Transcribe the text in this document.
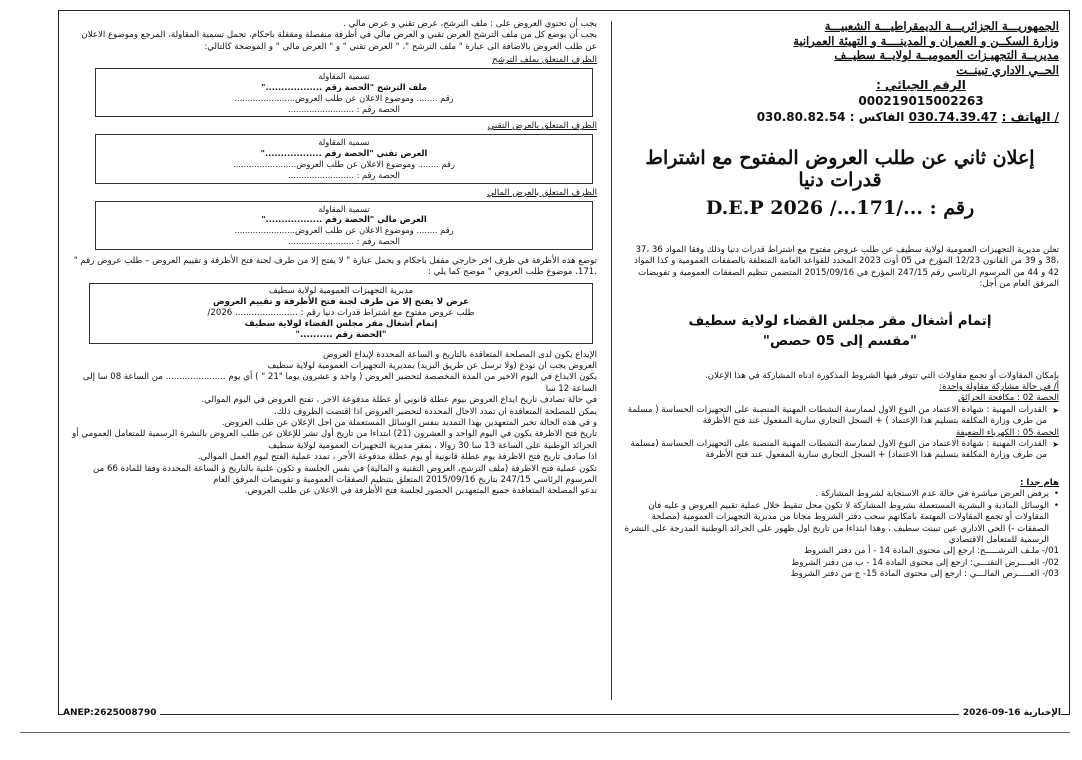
الجمهوريـــة الجزائريـــة الديمقراطيـــة الشعبيـــة
وزارة السكــن و العمران و المدينــــة و التهيئة العمرانية
مديريــة التجهيـزات العموميــة لولايــة سطيــف
الحــي الاداري تبينــت
الرقم الجبائي :
000219015002263
/ الهاتف : 030.74.39.47 الفاكس : 030.80.82.54
إعلان ثاني عن طلب العروض المفتوح مع اشتراط قدرات دنيا
رقم : .../171.../ D.E.P 2026

تعلن مديرية التجهيزات العمومية لولاية سطيف عن طلب عروض مفتوح مع اشتراط قدرات دنيا وذلك وفقا المواد 36 ،37 ،38 و 39 من القانون 12/23 المؤرخ في 05 أوت 2023 المحدد للقواعد العامة المتعلقة بالصفقات العمومية و كذا المواد 42 و 44 من المرسوم الرئاسي رقم 247/15 المؤرخ في 2015/09/16 المتضمن تنظيم الصفقات العمومية و تفويضات المرفق العام من أجل:

إتمام أشغال مقر مجلس القضاء لولاية سطيف
"مقسم إلى 05 حصص"

بإمكان المقاولات أو تجمع مقاولات التي تتوفر فيها الشروط المذكورة ادناه المشاركة في هذا الإعلان.

أ/ في حالة مشاركة مقاولة واحدة:

الحصة 02 : مكافحة الحرائق

➤ القدرات المهنية : شهادة الاعتماد من النوع الاول لممارسة النشطات المهنية المنصبة على التجهيزات الحساسة ( مسلمة من طرف وزارة المكلفة بتسليم هذا الإعتماد ) + السجل التجاري سارية المفعول عند فتح الأظرفة

الحصة 05 : الكهرباء الضعيفة

➤ القدرات المهنية : شهادة الاعتماد من النوع الاول لممارسة النشطات المهنية المنصبة على التجهيزات الحساسة (مسلمة من طرف وزارة المكلفة بتسليم هذا الاعتماد) + السجل التجاري سارية المفعول عند فتح الأظرفة

هام جدا :

• يرفض العرض مباشرة في حالة عدم الاستجابة لشروط المشاركة .

• الوسائل المادية و البشرية المستعملة بشروط المشاركة لا تكون محل تنقيط خلال عملية تقييم العروض و عليه فان المقاولات أو تجمع المقاولات المهتمة بامكانهم سحب دفتر الشروط مجانا من مديرية التجهيزات العمومية (مصلحة الصفقات -) الحي الاداري عين تبينت سطيف ، وهذا ابتداءا من تاريخ اول ظهور على الجرائد الوطنية المدرجة على النشرة الرسمية للمتعامل الاقتصادي

01/- ملـف الترشـــــح: ارجع إلى محتوى المادة 14 - أ من دفتر الشروط

02/- العــــرض التقنـــي: ارجع إلى محتوى المادة 14 - ب من دفتر الشروط

03/- العـــــرض المالـــي : ارجع إلى محتوى المادة 15- ج من دفتر الشروط

يجب أن تحتوي العروض على : ملف الترشح، عرض تقني و عرض مالي .

يجب أن يوضع كل من ملف الترشح العرض تقني و العرض مالي في أظرفة منفصلة ومقفلة باحكام، تحمل تسمية المقاولة، المرجع وموضوع الاعلان عن طلب العروض بالاضافة الى عبارة " ملف الترشح "، " العرض تقني " و " العرض مالي " و الموضحة كالتالي:

الظرف المتعلق بملف الترشح
تسمية المقاولة
ملف الترشح "الحصة رقم .................."
رقم ........ وموضوع الاعلان عن طلب العروض.......................
الحصة رقم : .........................
الظرف المتعلق بالعرض التقني
تسمية المقاولة
العرض تقني "الحصة رقم .................."
رقم ........ وموضوع الاعلان عن طلب العروض........................
الحصة رقم : .........................
الظرف المتعلق بالعرض المالي
تسمية المقاولة
العرض مالي "الحصة رقم .................."
رقم ........ وموضوع الاعلان عن طلب العروض.......................
الحصة رقم : .........................

توضع هذه الأظرفة في ظرف اخر خارجي مقفل باحكام و يحمل عبارة " لا يفتح إلا من طرف لجنة فتح الأظرفة و تقييم العروض – طلب عروض رقم " .171. موضوع طلب العروض " موضح كما يلي :

مديرية التجهيزات العمومية لولاية سطيف
عرض لا يفتح إلا من طرف لجنة فتح الأظرفة و تقييم العروض
طلب عروض مفتوح مع اشتراط قدرات دنيا رقم : ....................... 2026/
إتمام أشغال مقر مجلس القضاء لولاية سطيف
"الحصة رقم .........."

الإيداع يكون لدى المصلحة المتعاقدة بالتاريخ و الساعة المحددة لإيداع العروض

العروض يجب ان تودع (ولا ترسل عن طريق البريد) بمديرية التجهيزات العمومية لولاية سطيف

يكون الايداع في اليوم الاخير من المدة المخصصة لتحضير العروض ( واحد و عشرون يوما "21 " ) أي يوم ...................... من الساعة 08 سا إلى الساعة 12 سا

في حالة تصادف تاريخ ايداع العروض بيوم عطلة قانوني أو عطلة مدفوعة الاجر ، تفتح العروض في اليوم الموالي.

يمكن للمصلحة المتعاقدة ان تمدد الاجال المحددة لتحضير العروض اذا اقتضت الظروف ذلك.

و في هذه الحالة تخبر المتعهدين بهذا التمديد بنفس الوسائل المستعملة من اجل الإعلان عن طلب العروض.

تاريخ فتح الاظرفة يكون في اليوم الواحد و العشرون (21) ابتداءا من تاريخ أول نشر للإعلان عن طلب العروض بالنشرة الرسمية للمتعامل العمومي أو الجرائد الوطنية على الساعة 13 سا 30 زوالا ، بمقر مديرية التجهيزات العمومية لولاية سطيف

اذا صادف تاريخ فتح الاظرفة يوم عطلة قانونية أو يوم عطلة مدفوعة الأجر ، تمدد عملية الفتح ليوم العمل الموالي.

تكون عملية فتح الاظرفة (ملف الترشح، العروض التقنية و المالية) في نفس الجلسة و تكون علنية بالتاريخ و الساعة المحددة وفقا للمادة 66 من المرسوم الرئاسي 247/15 بتاريخ 2015/09/16 المتعلق بتنظيم الصفقات العمومية و تفويضات المرفق العام

تدعو المصلحة المتعاقدة جميع المتعهدين الحضور لجلسة فتح الأظرفة في الاعلان عن طلب العروض.

ANEP:2625008790	الإخبارية 16-09-2026
